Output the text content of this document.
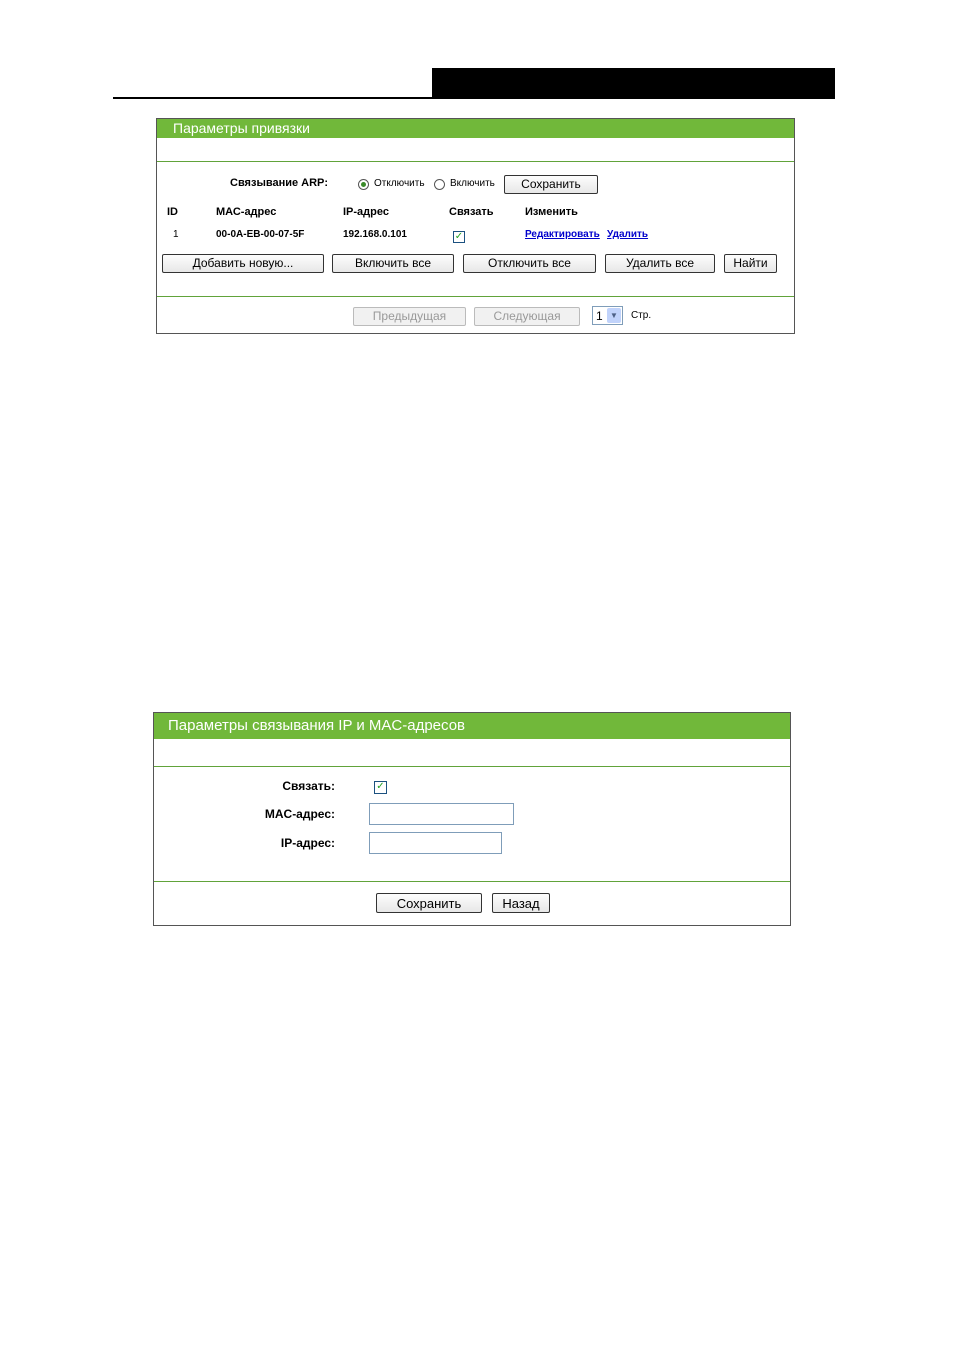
Параметры привязки
Связывание ARP:	Отключить	Включить	Сохранить
ID	МАС-адрес	IP-адрес	Связать	Изменить
1	00-0A-EB-00-07-5F	192.168.0.101	✓	Редактировать Удалить
Добавить новую...	Включить все	Отключить все	Удалить все	Найти
Предыдущая	Следующая	1 ▼	Стр.
Параметры связывания IP и MAC-адресов
Связать:	✓
MAC-адрес:
IP-адрес:
Сохранить	Назад
